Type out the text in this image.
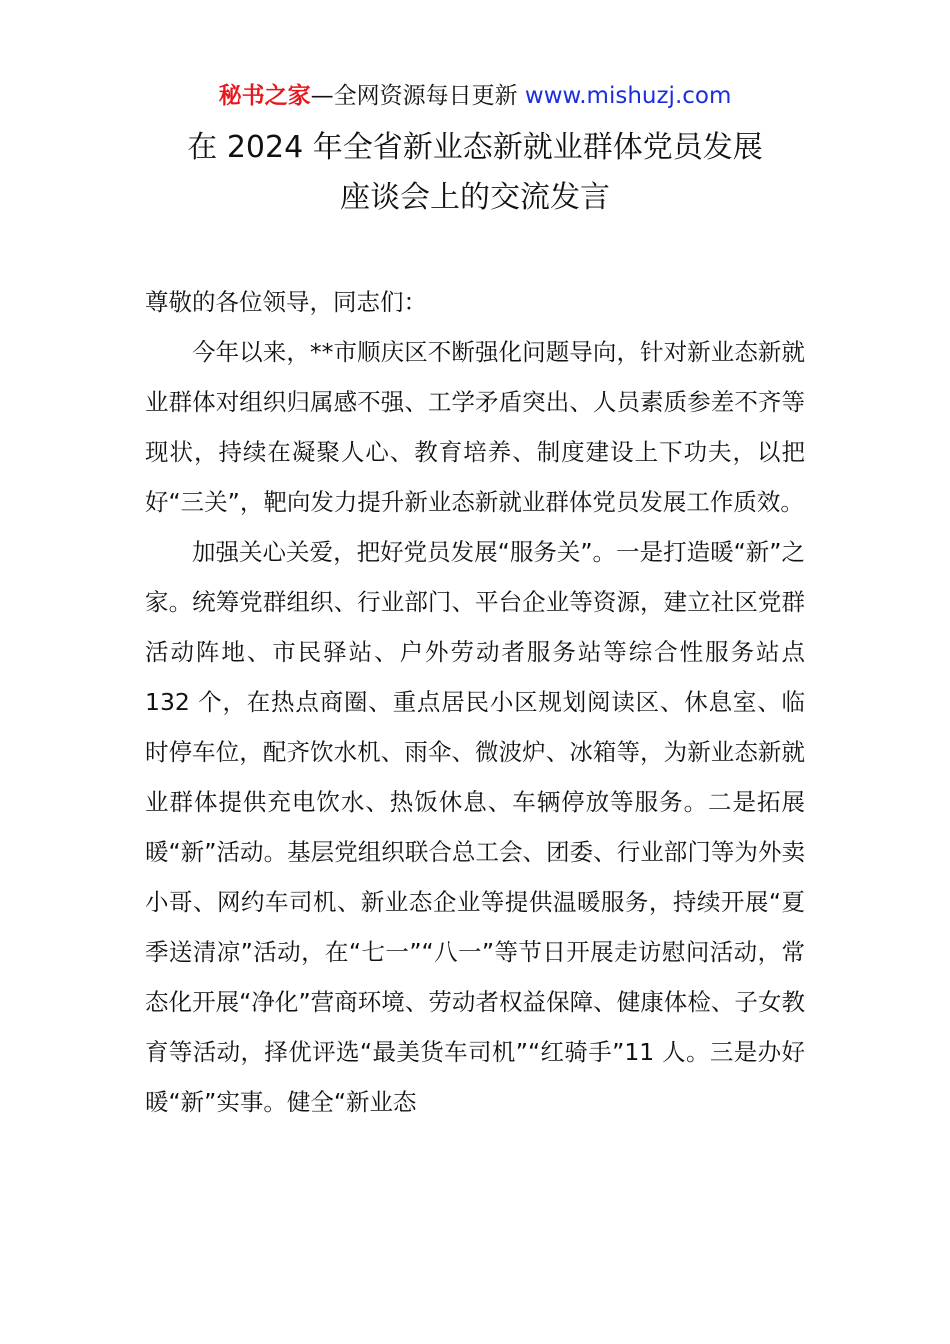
秘书之家—全网资源每日更新 www.mishuzj.com
在 2024 年全省新业态新就业群体党员发展
座谈会上的交流发言

尊敬的各位领导，同志们：

今年以来，**市顺庆区不断强化问题导向，针对新业态新就业群体对组织归属感不强、工学矛盾突出、人员素质参差不齐等现状，持续在凝聚人心、教育培养、制度建设上下功夫，以把好“三关”，靶向发力提升新业态新就业群体党员发展工作质效。

加强关心关爱，把好党员发展“服务关”。一是打造暖“新”之家。统筹党群组织、行业部门、平台企业等资源，建立社区党群活动阵地、市民驿站、户外劳动者服务站等综合性服务站点 132 个，在热点商圈、重点居民小区规划阅读区、休息室、临时停车位，配齐饮水机、雨伞、微波炉、冰箱等，为新业态新就业群体提供充电饮水、热饭休息、车辆停放等服务。二是拓展暖“新”活动。基层党组织联合总工会、团委、行业部门等为外卖小哥、网约车司机、新业态企业等提供温暖服务，持续开展“夏季送清凉”活动，在“七一”“八一”等节日开展走访慰问活动，常态化开展“净化”营商环境、劳动者权益保障、健康体检、子女教育等活动，择优评选“最美货车司机”“红骑手”11 人。三是办好暖“新”实事。健全“新业态
